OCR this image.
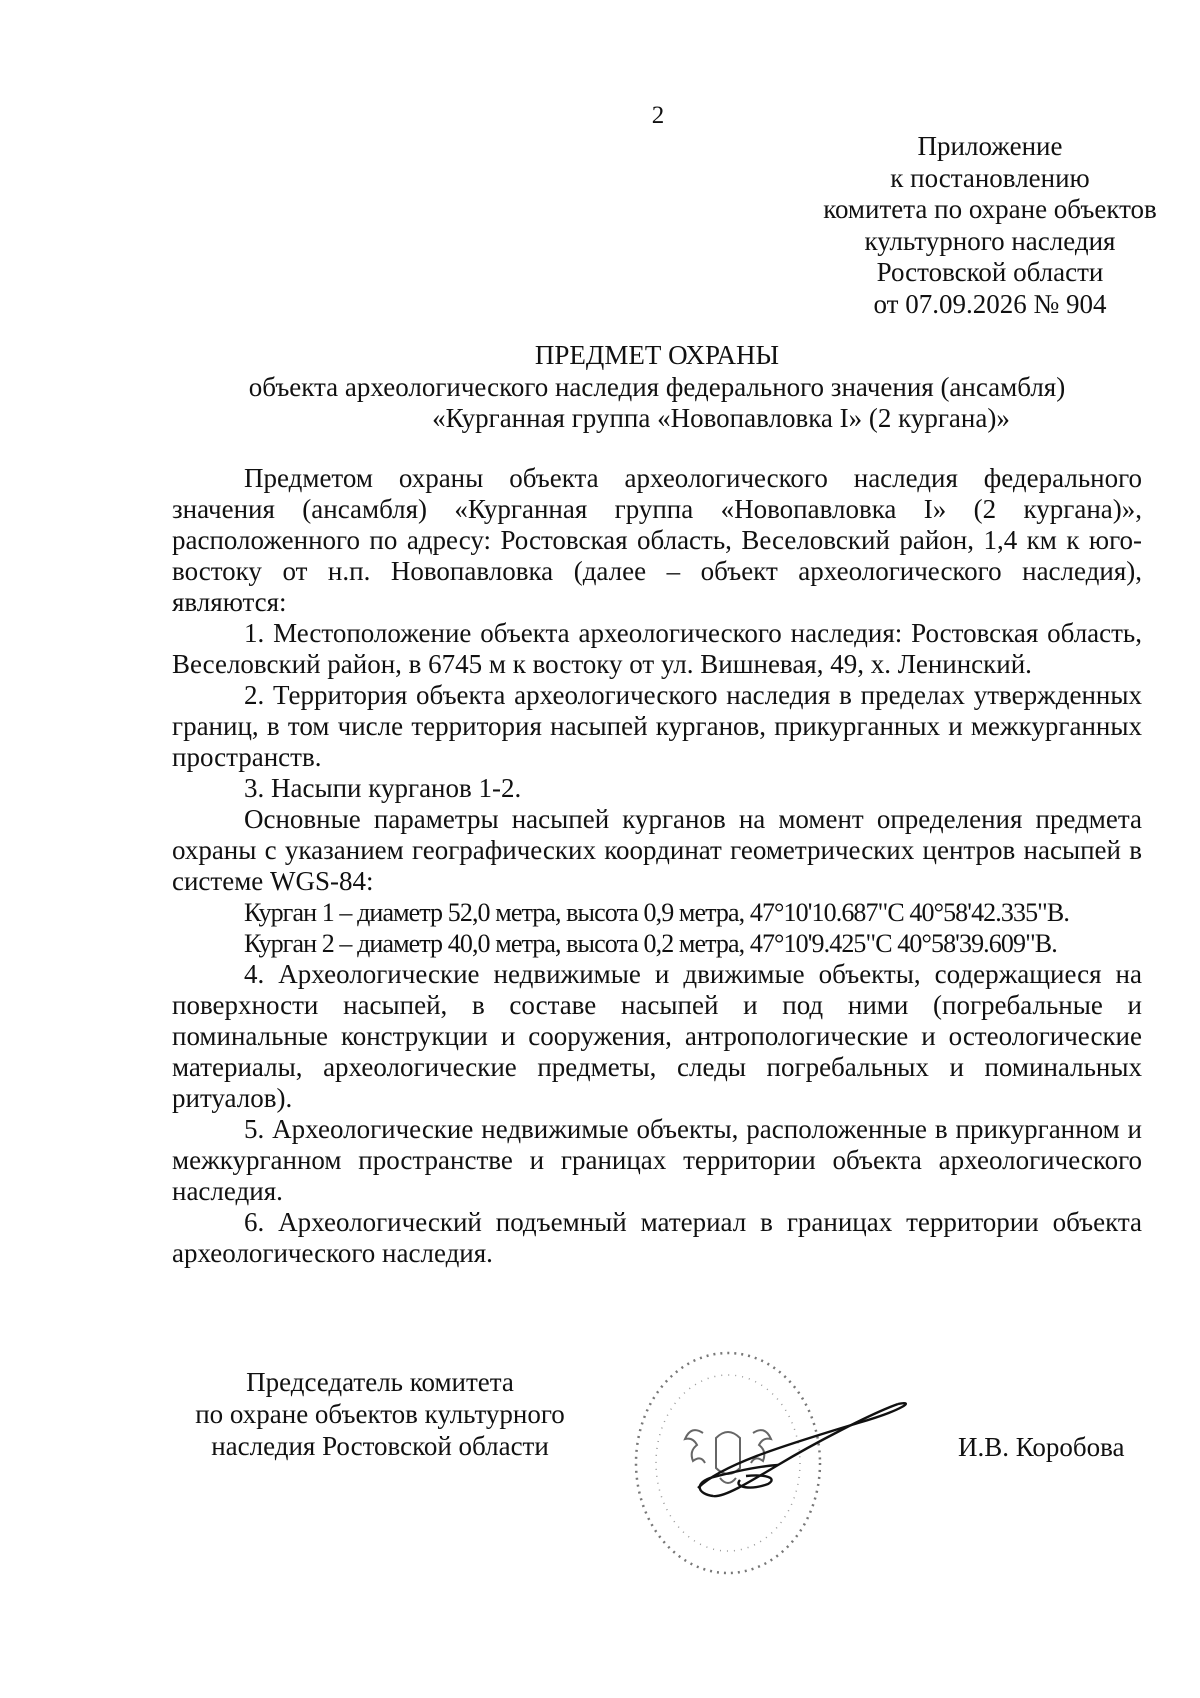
2
Приложение
к постановлению
комитета по охране объектов
культурного наследия
Ростовской области
от 07.09.2026 № 904
ПРЕДМЕТ ОХРАНЫ
объекта археологического наследия федерального значения (ансамбля)
«Курганная группа «Новопавловка I» (2 кургана)»

Предметом охраны объекта археологического наследия федерального значения (ансамбля) «Курганная группа «Новопавловка I» (2 кургана)», расположенного по адресу: Ростовская область, Веселовский район, 1,4 км к юго-востоку от н.п. Новопавловка (далее – объект археологического наследия), являются:

1. Местоположение объекта археологического наследия: Ростовская область, Веселовский район, в 6745 м к востоку от ул. Вишневая, 49, х. Ленинский.

2. Территория объекта археологического наследия в пределах утвержденных границ, в том числе территория насыпей курганов, прикурганных и межкурганных пространств.

3. Насыпи курганов 1-2.

Основные параметры насыпей курганов на момент определения предмета охраны с указанием географических координат геометрических центров насыпей в системе WGS-84:

Курган 1 – диаметр 52,0 метра, высота 0,9 метра, 47°10'10.687"С 40°58'42.335"В.

Курган 2 – диаметр 40,0 метра, высота 0,2 метра, 47°10'9.425"С 40°58'39.609"В.

4. Археологические недвижимые и движимые объекты, содержащиеся на поверхности насыпей, в составе насыпей и под ними (погребальные и поминальные конструкции и сооружения, антропологические и остеологические материалы, археологические предметы, следы погребальных и поминальных ритуалов).

5. Археологические недвижимые объекты, расположенные в прикурганном и межкурганном пространстве и границах территории объекта археологического наследия.

6. Археологический подъемный материал в границах территории объекта археологического наследия.

Председатель комитета
по охране объектов культурного
наследия Ростовской области	И.В. Коробова
